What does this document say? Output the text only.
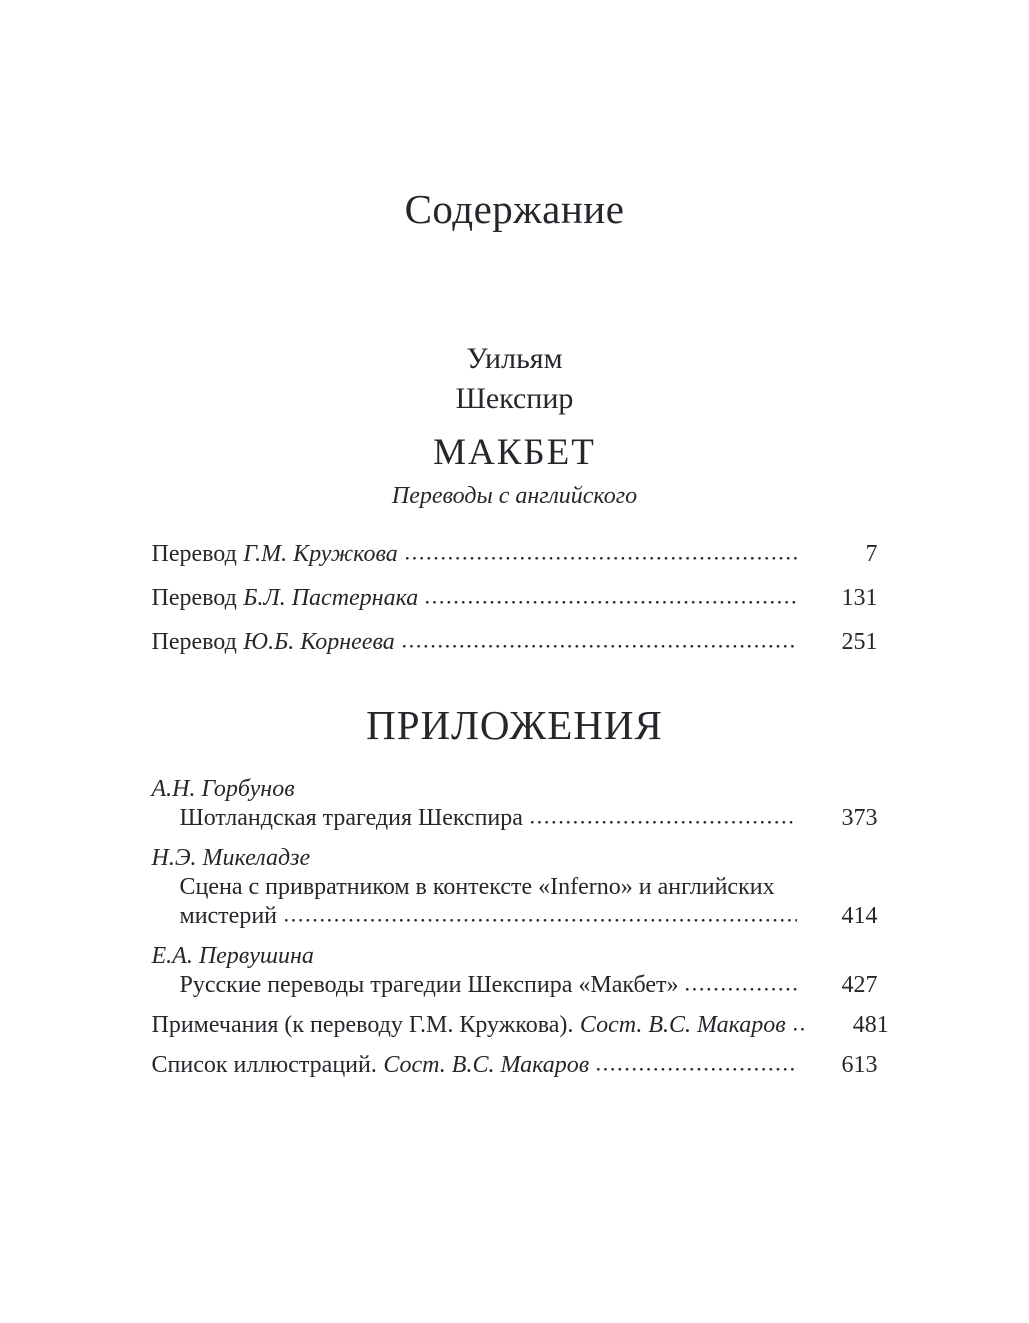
Содержание
Уильям
Шекспир
МАКБЕТ
Переводы с английского
Перевод Г.М. Кружкова	7
Перевод Б.Л. Пастернака	131
Перевод Ю.Б. Корнеева	251
ПРИЛОЖЕНИЯ
А.Н. Горбунов
Шотландская трагедия Шекспира	373
Н.Э. Микеладзе
Сцена с привратником в контексте «Inferno» и английских
мистерий	414
Е.А. Первушина
Русские переводы трагедии Шекспира «Макбет»	427
Примечания (к переводу Г.М. Кружкова). Сост. В.С. Макаров	481
Список иллюстраций. Сост. В.С. Макаров	613
